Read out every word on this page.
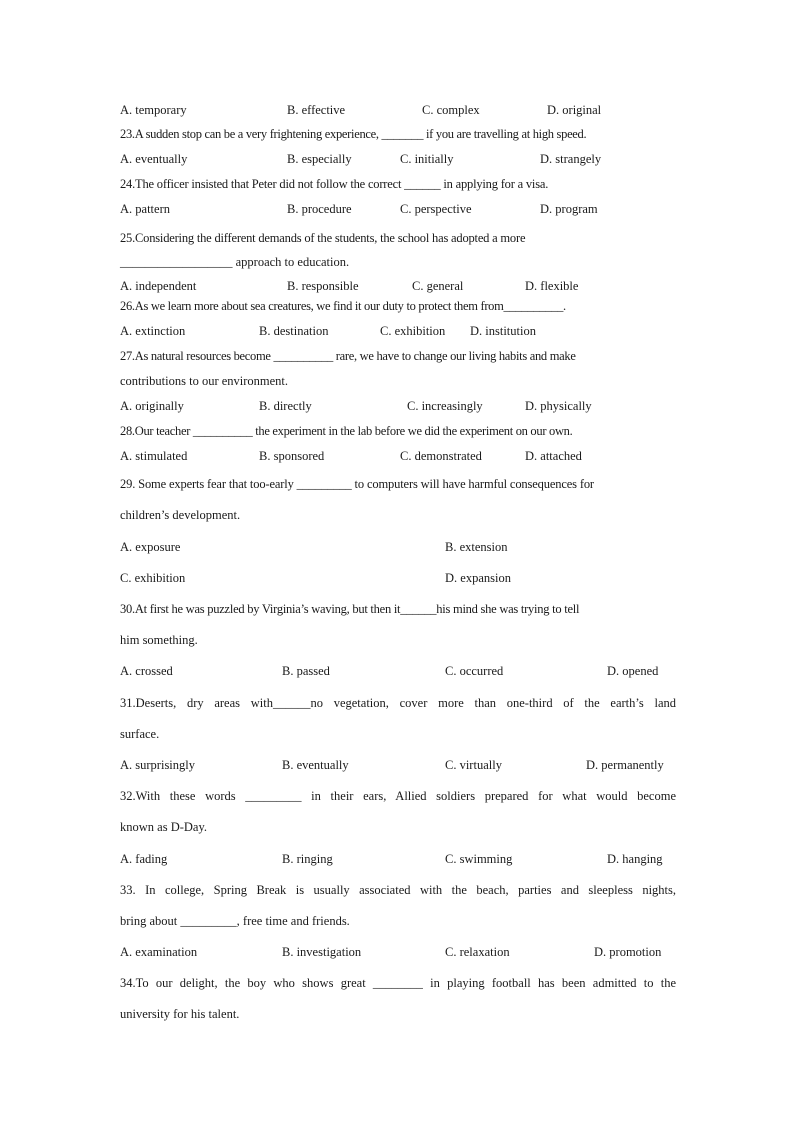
A. temporary	B. effective	C. complex	D. original
23.A sudden stop can be a very frightening experience, _______ if you are travelling at high speed.
A. eventually	B. especially	C. initially	D. strangely
24.The officer insisted that Peter did not follow the correct ______ in applying for a visa.
A. pattern	B. procedure	C. perspective	D. program
25.Considering the different demands of the students, the school has adopted a more
__________________ approach to education.
A. independent	B. responsible	C. general	D. flexible
26.As we learn more about sea creatures, we find it our duty to protect them from__________.
A. extinction	B. destination	C. exhibition D. institution
27.As natural resources become __________ rare, we have to change our living habits and make
contributions to our environment.
A. originally	B. directly	C. increasingly	D. physically
28.Our teacher __________ the experiment in the lab before we did the experiment on our own.
A. stimulated	B. sponsored	C. demonstrated	D. attached
29. Some experts fear that too-early _________ to computers will have harmful consequences for
children’s development.
A. exposure	B. extension
C. exhibition	D. expansion
30.At first he was puzzled by Virginia’s waving, but then it______his mind she was trying to tell
him something.
A. crossed	B. passed	C. occurred	D. opened
31.Deserts, dry areas with______no vegetation, cover more than one-third of the earth’s land
surface.
A. surprisingly	B. eventually	C. virtually	D. permanently
32.With these words _________ in their ears, Allied soldiers prepared for what would become
known as D-Day.
A. fading	B. ringing	C. swimming	D. hanging
33. In college, Spring Break is usually associated with the beach, parties and sleepless nights,
bring about _________, free time and friends.
A. examination	B. investigation	C. relaxation	D. promotion
34.To our delight, the boy who shows great ________ in playing football has been admitted to the
university for his talent.
